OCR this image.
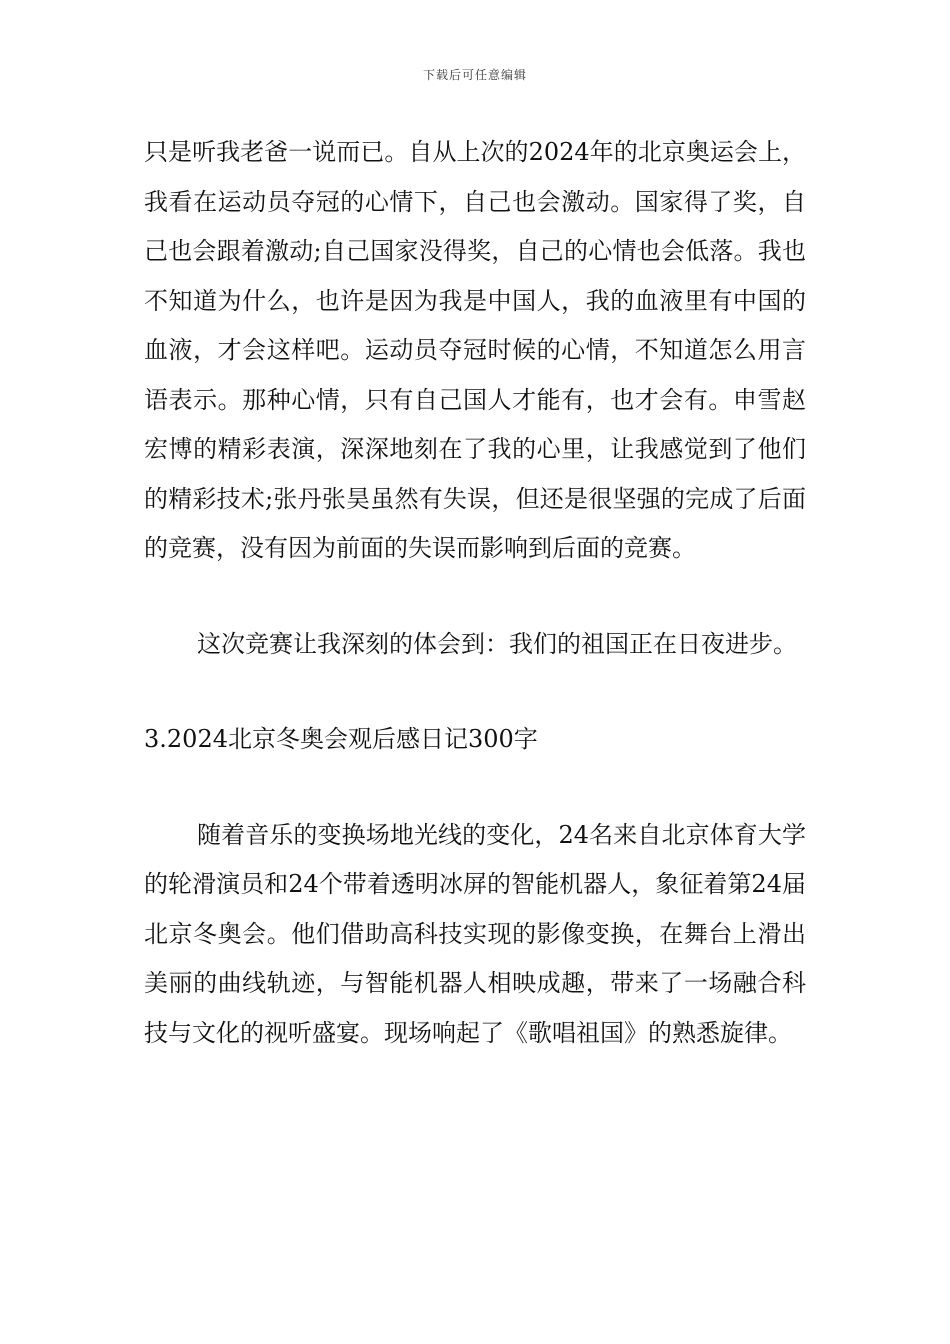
下载后可任意编辑

只是听我老爸一说而已。自从上次的2024年的北京奥运会上，我看在运动员夺冠的心情下，自己也会激动。国家得了奖，自己也会跟着激动;自己国家没得奖，自己的心情也会低落。我也不知道为什么，也许是因为我是中国人，我的血液里有中国的血液，才会这样吧。运动员夺冠时候的心情，不知道怎么用言语表示。那种心情，只有自己国人才能有，也才会有。申雪赵宏博的精彩表演，深深地刻在了我的心里，让我感觉到了他们的精彩技术;张丹张昊虽然有失误，但还是很坚强的完成了后面的竞赛，没有因为前面的失误而影响到后面的竞赛。

这次竞赛让我深刻的体会到：我们的祖国正在日夜进步。

3.2024北京冬奥会观后感日记300字

随着音乐的变换场地光线的变化，24名来自北京体育大学的轮滑演员和24个带着透明冰屏的智能机器人，象征着第24届北京冬奥会。他们借助高科技实现的影像变换，在舞台上滑出美丽的曲线轨迹，与智能机器人相映成趣，带来了一场融合科技与文化的视听盛宴。现场响起了《歌唱祖国》的熟悉旋律。
